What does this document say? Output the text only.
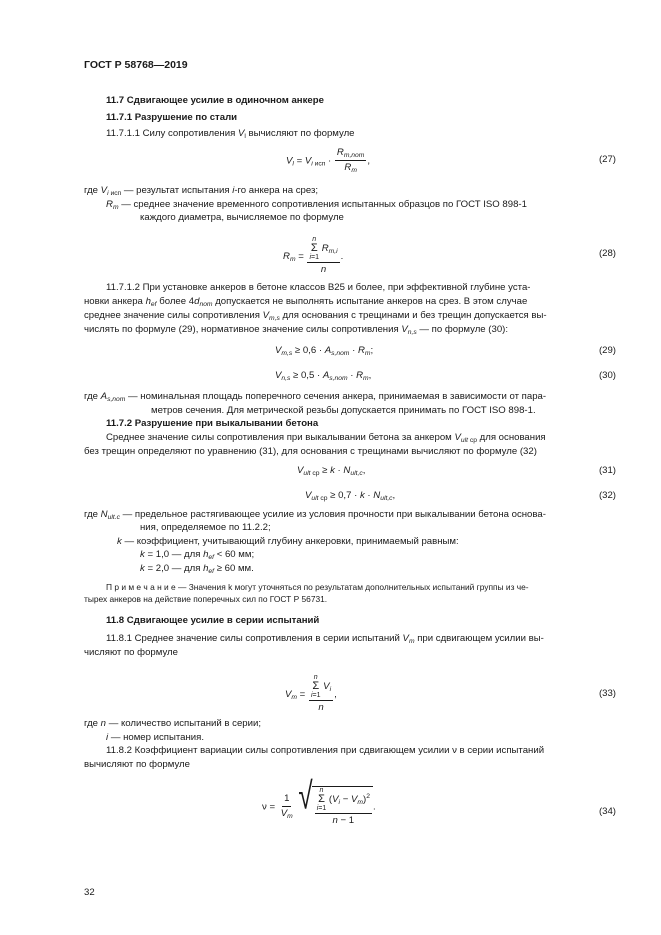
ГОСТ Р 58768—2019
11.7 Сдвигающее усилие в одиночном анкере
11.7.1 Разрушение по стали
11.7.1.1 Силу сопротивления $V_l$ вычисляют по формуле
$V_l = V_{i исп} \cdot \frac{R_{m,nom}}{R_m}$ ,	(27)
где $V_{i исп}$ — результат испытания i-го анкера на срез;
$R_m$ — среднее значение временного сопротивления испытанных образцов по ГОСТ ISO 898-1
каждого диаметра, вычисляемое по формуле
$R_m = n$
Σ
i=1
$R_{m,i}$
n .	(28)
11.7.1.2 При установке анкеров в бетоне классов В25 и более, при эффективной глубине уста-
новки анкера $h_{ef}$ более $4d_{nom}$ допускается не выполнять испытание анкеров на срез. В этом случае
среднее значение силы сопротивления $V_{m,s}$ для основания с трещинами и без трещин допускается вы-
числять по формуле (29), нормативное значение силы сопротивления $V_{n,s}$ — по формуле (30):
$V_{m,s} \ge 0,6 \cdot A_{s,nom} \cdot R_m$;	(29)
$V_{n,s} \ge 0,5 \cdot A_{s,nom} \cdot R_m$,	(30)
где $A_{s,nom}$ — номинальная площадь поперечного сечения анкера, принимаемая в зависимости от пара-
метров сечения. Для метрической резьбы допускается принимать по ГОСТ ISO 898-1.
11.7.2 Разрушение при выкалывании бетона
Среднее значение силы сопротивления при выкалывании бетона за анкером $V_{ult ср}$ для основания
без трещин определяют по уравнению (31), для основания с трещинами вычисляют по формуле (32)
$V_{ult ср} \ge k \cdot N_{ult,c}$,	(31)
$V_{ult ср} \ge 0,7 \cdot k \cdot N_{ult,c}$,	(32)
где $N_{ult.c}$ — предельное растягивающее усилие из условия прочности при выкалывании бетона основа-
ния, определяемое по 11.2.2;
k — коэффициент, учитывающий глубину анкеровки, принимаемый равным:
k = 1,0 — для $h_{ef} < 60$ мм;
k = 2,0 — для $h_{ef} \ge 60$ мм.
П р и м е ч а н и е — Значения k могут уточняться по результатам дополнительных испытаний группы из че-
тырех анкеров на действие поперечных сил по ГОСТ Р 56731.
11.8 Сдвигающее усилие в серии испытаний
11.8.1 Среднее значение силы сопротивления в серии испытаний $V_m$ при сдвигающем усилии вы-
числяют по формуле
$V_m = n$
Σ
i=1
$V_i$
n ,	(33)
где n — количество испытаний в серии;
i — номер испытания.
11.8.2 Коэффициент вариации силы сопротивления при сдвигающем усилии ν в серии испытаний
вычисляют по формуле
$\nu = \frac{1}{V_m}$
√ n
Σ
i=1
$(V_i - V_m)^2$
n − 1 .	(34)
32
